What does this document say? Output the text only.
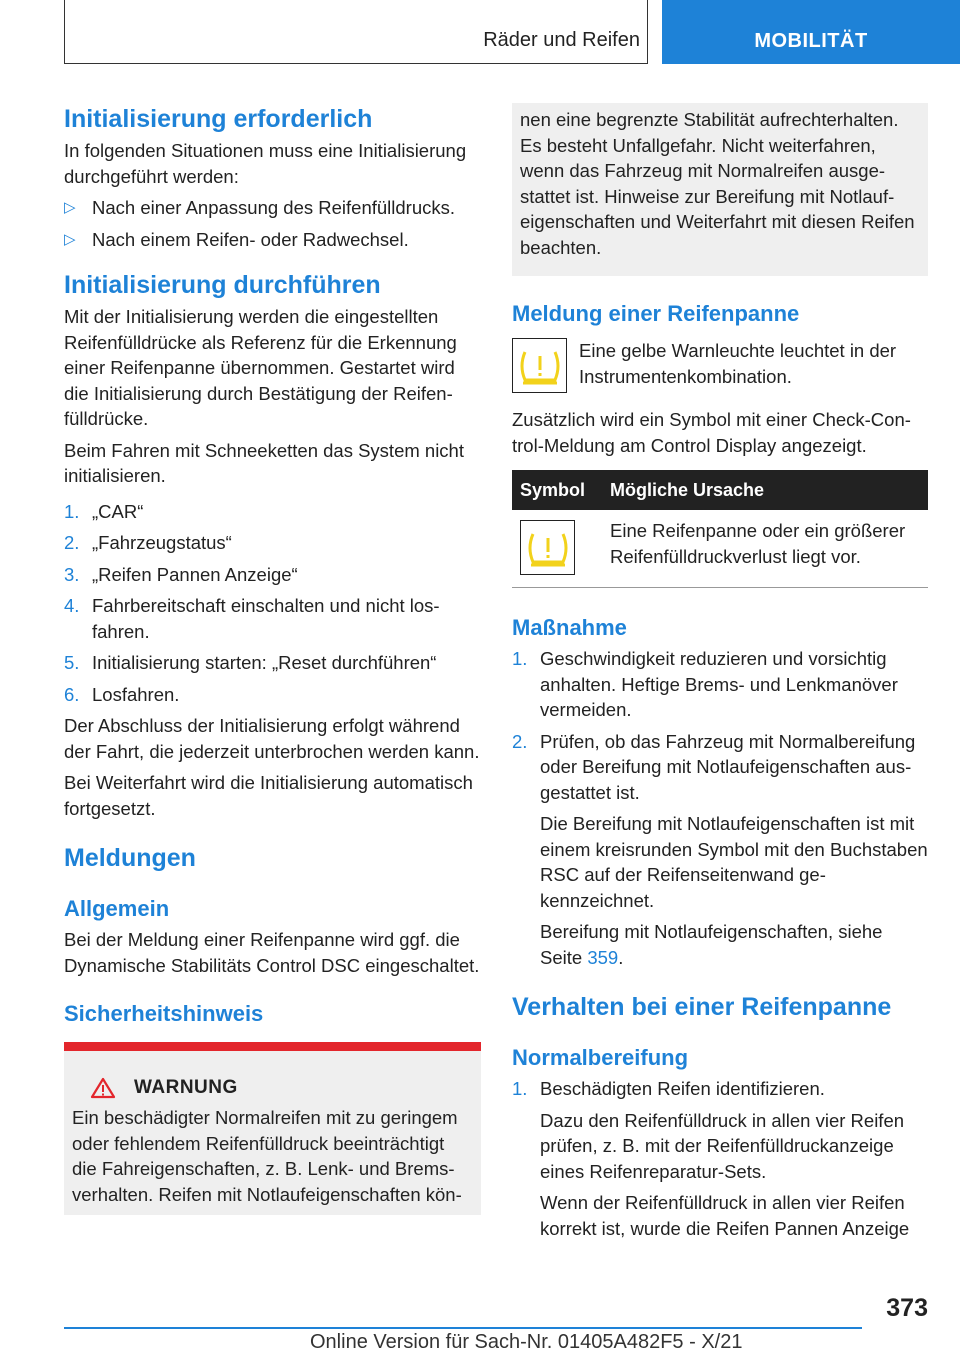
Räder und Reifen	MOBILITÄT
Initialisierung erforderlich

In folgenden Situationen muss eine Initialisierung durchgeführt werden:

▷ Nach einer Anpassung des Reifenfülldrucks.
▷ Nach einem Reifen- oder Radwechsel.
Initialisierung durchführen

Mit der Initialisierung werden die eingestellten Reifenfülldrücke als Referenz für die Erkennung einer Reifenpanne übernommen. Gestartet wird die Initialisierung durch Bestätigung der Reifenfülldrücke.

Beim Fahren mit Schneeketten das System nicht initialisieren.

1. „CAR“
2. „Fahrzeugstatus“
3. „Reifen Pannen Anzeige“
4. Fahrbereitschaft einschalten und nicht losfahren.
5. Initialisierung starten: „Reset durchführen“
6. Losfahren.

Der Abschluss der Initialisierung erfolgt während der Fahrt, die jederzeit unterbrochen werden kann.

Bei Weiterfahrt wird die Initialisierung automatisch fortgesetzt.

Meldungen
Allgemein

Bei der Meldung einer Reifenpanne wird ggf. die Dynamische Stabilitäts Control DSC eingeschaltet.

Sicherheitshinweis
WARNUNG

Ein beschädigter Normalreifen mit zu geringem oder fehlendem Reifenfülldruck beeinträchtigt die Fahreigenschaften, z. B. Lenk- und Bremsverhalten. Reifen mit Notlaufeigenschaften kön-

nen eine begrenzte Stabilität aufrechterhalten. Es besteht Unfallgefahr. Nicht weiterfahren, wenn das Fahrzeug mit Normalreifen ausgestattet ist. Hinweise zur Bereifung mit Notlaufeigenschaften und Weiterfahrt mit diesen Reifen beachten.

Meldung einer Reifenpanne

Eine gelbe Warnleuchte leuchtet in der Instrumentenkombination.

Zusätzlich wird ein Symbol mit einer Check-Control-Meldung am Control Display angezeigt.

Symbol	Mögliche Ursache

	Eine Reifenpanne oder ein größerer Reifenfülldruckverlust liegt vor.
Maßnahme
1. Geschwindigkeit reduzieren und vorsichtig anhalten. Heftige Brems- und Lenkmanöver vermeiden.
2. Prüfen, ob das Fahrzeug mit Normalbereifung oder Bereifung mit Notlaufeigenschaften ausgestattet ist.

Die Bereifung mit Notlaufeigenschaften ist mit einem kreisrunden Symbol mit den Buchstaben RSC auf der Reifenseitenwand gekennzeichnet.

Bereifung mit Notlaufeigenschaften, siehe Seite 359.

Verhalten bei einer Reifenpanne
Normalbereifung
1. Beschädigten Reifen identifizieren.

Dazu den Reifenfülldruck in allen vier Reifen prüfen, z. B. mit der Reifenfülldruckanzeige eines Reifenreparatur-Sets.

Wenn der Reifenfülldruck in allen vier Reifen korrekt ist, wurde die Reifen Pannen Anzeige

373
Online Version für Sach-Nr. 01405A482F5 - X/21
